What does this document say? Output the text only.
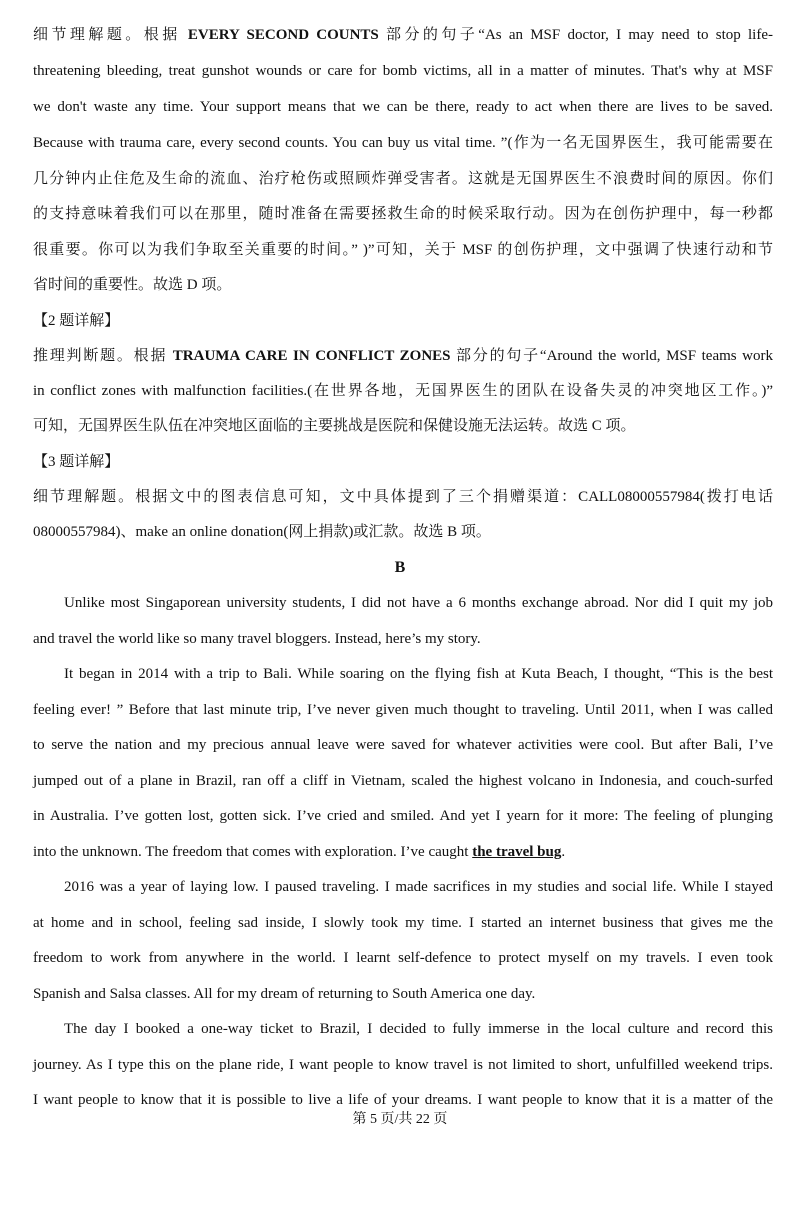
细节理解题。根据 EVERY SECOND COUNTS 部分的句子“As an MSF doctor, I may need to stop life-
threatening bleeding, treat gunshot wounds or care for bomb victims, all in a matter of minutes. That's why at MSF
we don't waste any time. Your support means that we can be there, ready to act when there are lives to be saved.
Because with trauma care, every second counts. You can buy us vital time. ”(作为一名无国界医生，我可能需要在
几分钟内止住危及生命的流血、治疗枪伤或照顾炸弹受害者。这就是无国界医生不浪费时间的原因。你们
的支持意味着我们可以在那里，随时准备在需要拯救生命的时候采取行动。因为在创伤护理中，每一秒都
很重要。你可以为我们争取至关重要的时间。” )”可知，关于 MSF 的创伤护理，文中强调了快速行动和节
省时间的重要性。故选 D 项。
【2 题详解】
推理判断题。根据 TRAUMA CARE IN CONFLICT ZONES 部分的句子“Around the world, MSF teams work
in conflict zones with malfunction facilities.(在世界各地，无国界医生的团队在设备失灵的冲突地区工作。)”
可知，无国界医生队伍在冲突地区面临的主要挑战是医院和保健设施无法运转。故选 C 项。
【3 题详解】
细节理解题。根据文中的图表信息可知，文中具体提到了三个捐赠渠道：CALL08000557984(拨打电话
08000557984)、make an online donation(网上捐款)或汇款。故选 B 项。
B
Unlike most Singaporean university students, I did not have a 6 months exchange abroad. Nor did I quit my job
and travel the world like so many travel bloggers. Instead, here’s my story.
It began in 2014 with a trip to Bali. While soaring on the flying fish at Kuta Beach, I thought, “This is the best
feeling ever! ” Before that last minute trip, I’ve never given much thought to traveling. Until 2011, when I was called
to serve the nation and my precious annual leave were saved for whatever activities were cool. But after Bali, I’ve
jumped out of a plane in Brazil, ran off a cliff in Vietnam, scaled the highest volcano in Indonesia, and couch-surfed
in Australia. I’ve gotten lost, gotten sick. I’ve cried and smiled. And yet I yearn for it more: The feeling of plunging
into the unknown. The freedom that comes with exploration. I’ve caught the travel bug.
2016 was a year of laying low. I paused traveling. I made sacrifices in my studies and social life. While I stayed
at home and in school, feeling sad inside, I slowly took my time. I started an internet business that gives me the
freedom to work from anywhere in the world. I learnt self-defence to protect myself on my travels. I even took
Spanish and Salsa classes. All for my dream of returning to South America one day.
The day I booked a one-way ticket to Brazil, I decided to fully immerse in the local culture and record this
journey. As I type this on the plane ride, I want people to know travel is not limited to short, unfulfilled weekend trips.
I want people to know that it is possible to live a life of your dreams. I want people to know that it is a matter of the
第 5 页/共 22 页
